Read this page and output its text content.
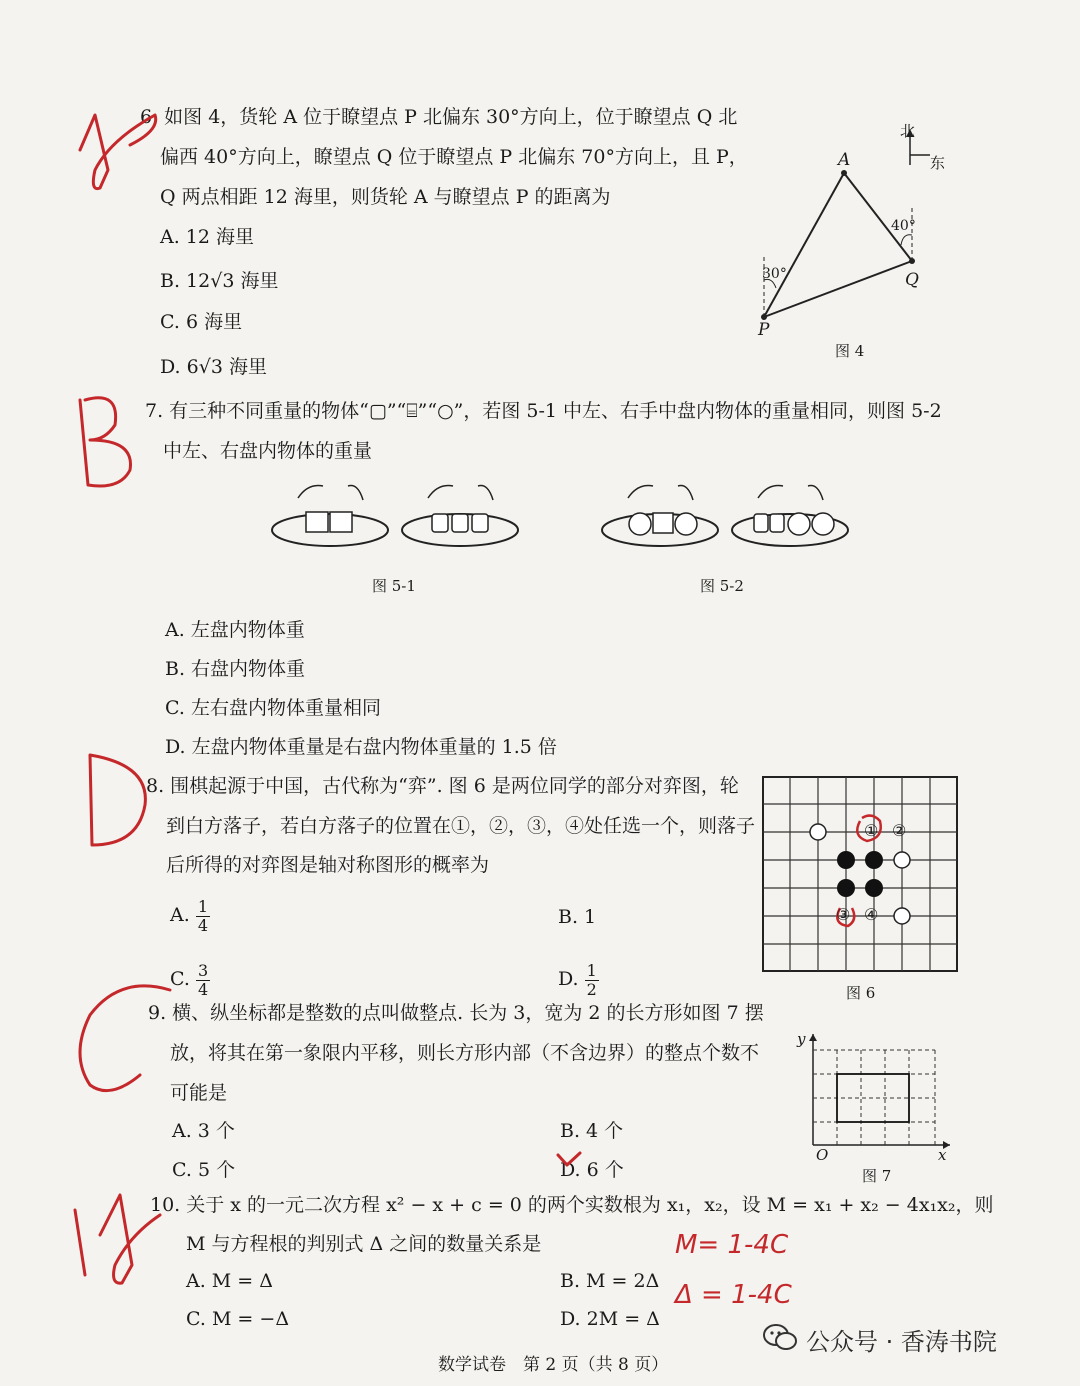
6. 如图 4，货轮 A 位于瞭望点 P 北偏东 30°方向上，位于瞭望点 Q 北
偏西 40°方向上，瞭望点 Q 位于瞭望点 P 北偏东 70°方向上，且 P，
Q 两点相距 12 海里，则货轮 A 与瞭望点 P 的距离为
A. 12 海里
B. 12√3 海里
C. 6 海里
D. 6√3 海里
北
东
A
P
Q
30°
40°
图 4
7. 有三种不同重量的物体“▢”“⌸”“○”，若图 5-1 中左、右手中盘内物体的重量相同，则图 5-2
中左、右盘内物体的重量
图 5-1	图 5-2
A. 左盘内物体重
B. 右盘内物体重
C. 左右盘内物体重量相同
D. 左盘内物体重量是右盘内物体重量的 1.5 倍
8. 围棋起源于中国，古代称为“弈”. 图 6 是两位同学的部分对弈图，轮
到白方落子，若白方落子的位置在①，②，③，④处任选一个，则落子
后所得的对弈图是轴对称图形的概率为
A. $\frac{1}{4}$	B. 1
C. $\frac{3}{4}$	D. $\frac{1}{2}$
① ②
③ ④
图 6
9. 横、纵坐标都是整数的点叫做整点. 长为 3，宽为 2 的长方形如图 7 摆
放，将其在第一象限内平移，则长方形内部（不含边界）的整点个数不
可能是
A. 3 个	B. 4 个
C. 5 个	D. 6 个
y
x
O
图 7
10. 关于 x 的一元二次方程 x² − x + c = 0 的两个实数根为 x₁，x₂，设 M = x₁ + x₂ − 4x₁x₂，则
M 与方程根的判别式 Δ 之间的数量关系是
A. M = Δ	B. M = 2Δ
C. M = −Δ	D. 2M = Δ
M= 1-4C
Δ = 1-4C
数学试卷　第 2 页（共 8 页）
公众号 · 香涛书院
